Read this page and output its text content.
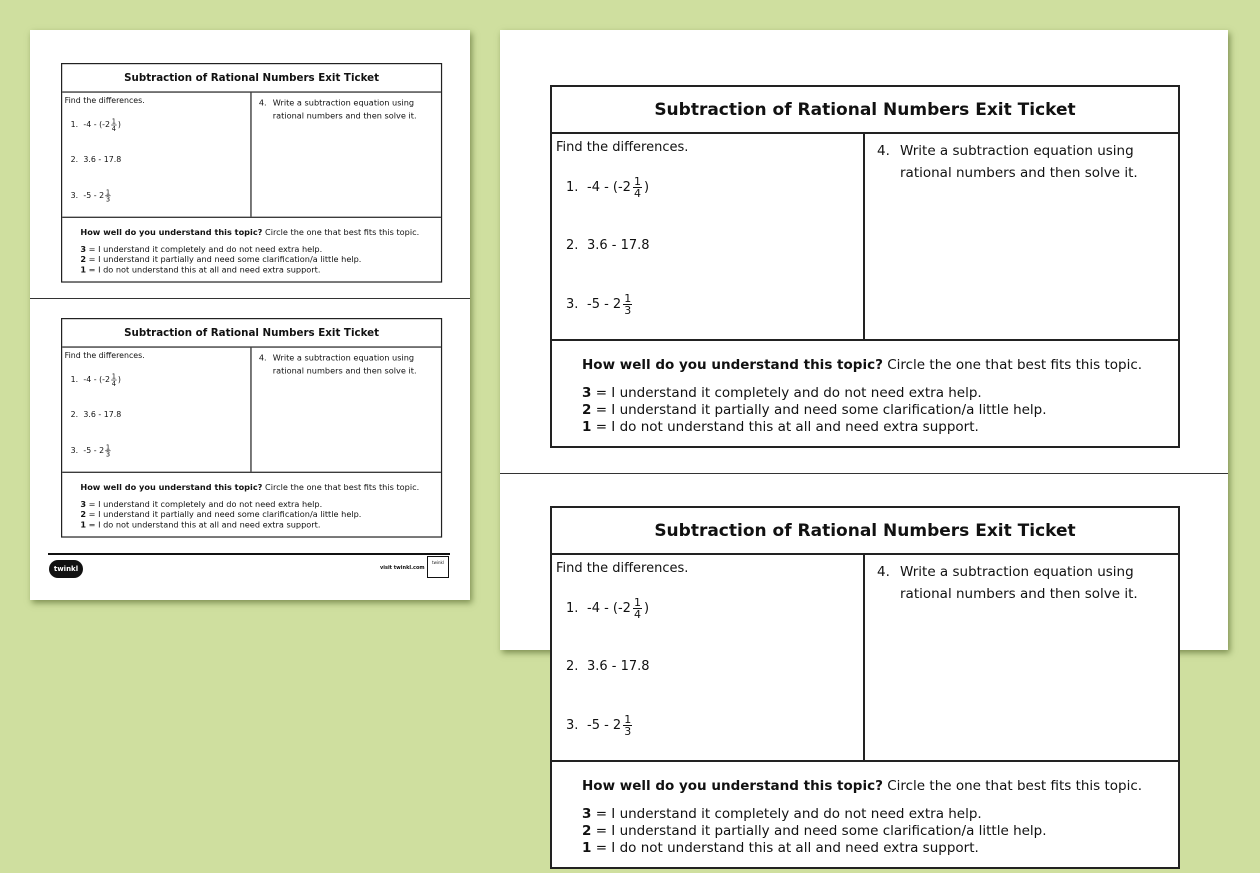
twinkl	visit twinkl.com
twinkl
Subtraction of Rational Numbers Exit Ticket
Find the differences.
1. $-4 - (-2 \frac{1}{4}$ )
2. 3.6 - 17.8
3. $-5 - 2 \frac{1}{3}$
4. Write a subtraction equation using rational numbers and then solve it.
How well do you understand this topic? Circle the one that best fits this topic.
3 = I understand it completely and do not need extra help.
2 = I understand it partially and need some clarification/a little help.
1 = I do not understand this at all and need extra support.
Subtraction of Rational Numbers Exit Ticket
Find the differences.
1. $-4 - (-2 \frac{1}{4}$ )
2. 3.6 - 17.8
3. $-5 - 2 \frac{1}{3}$
4. Write a subtraction equation using rational numbers and then solve it.
How well do you understand this topic? Circle the one that best fits this topic.
3 = I understand it completely and do not need extra help.
2 = I understand it partially and need some clarification/a little help.
1 = I do not understand this at all and need extra support.
Subtraction of Rational Numbers Exit Ticket
Find the differences.
1. $-4 - (-2 \frac{1}{4}$ )
2. 3.6 - 17.8
3. $-5 - 2 \frac{1}{3}$
4. Write a subtraction equation using rational numbers and then solve it.
How well do you understand this topic? Circle the one that best fits this topic.
3 = I understand it completely and do not need extra help.
2 = I understand it partially and need some clarification/a little help.
1 = I do not understand this at all and need extra support.
Subtraction of Rational Numbers Exit Ticket
Find the differences.
1. $-4 - (-2 \frac{1}{4}$ )
2. 3.6 - 17.8
3. $-5 - 2 \frac{1}{3}$
4. Write a subtraction equation using rational numbers and then solve it.
How well do you understand this topic? Circle the one that best fits this topic.
3 = I understand it completely and do not need extra help.
2 = I understand it partially and need some clarification/a little help.
1 = I do not understand this at all and need extra support.
